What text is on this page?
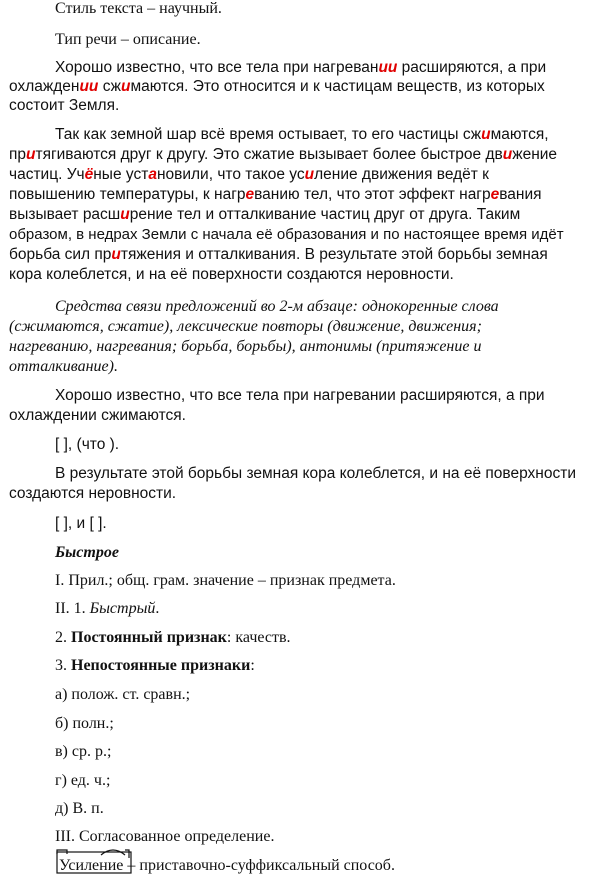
Стиль текста – научный.
Тип речи – описание.
Хорошо известно, что все тела при нагревании расширяются, а при
охлаждении сжимаются. Это относится и к частицам веществ, из которых
состоит Земля.
Так как земной шар всё время остывает, то его частицы сжимаются,
притягиваются друг к другу. Это сжатие вызывает более быстрое движение
частиц. Учёные установили, что такое усиление движения ведёт к
повышению температуры, к нагреванию тел, что этот эффект нагревания
вызывает расширение тел и отталкивание частиц друг от друга. Таким
образом, в недрах Земли с начала её образования и по настоящее время идёт
борьба сил притяжения и отталкивания. В результате этой борьбы земная
кора колеблется, и на её поверхности создаются неровности.
Средства связи предложений во 2-м абзаце: однокоренные слова
(сжимаются, сжатие), лексические повторы (движение, движения;
нагреванию, нагревания; борьба, борьбы), антонимы (притяжение и
отталкивание).
Хорошо известно, что все тела при нагревании расширяются, а при
охлаждении сжимаются.
[ ], (что ).
В результате этой борьбы земная кора колеблется, и на её поверхности
создаются неровности.
[ ], и [ ].
Быстрое
I. Прил.; общ. грам. значение – признак предмета.
II. 1. Быстрый.
2. Постоянный признак: качеств.
3. Непостоянные признаки:
а) полож. ст. сравн.;
б) полн.;
в) ср. р.;
г) ед. ч.;
д) В. п.
III. Согласованное определение.
Усиление – приставочно-суффиксальный способ.
